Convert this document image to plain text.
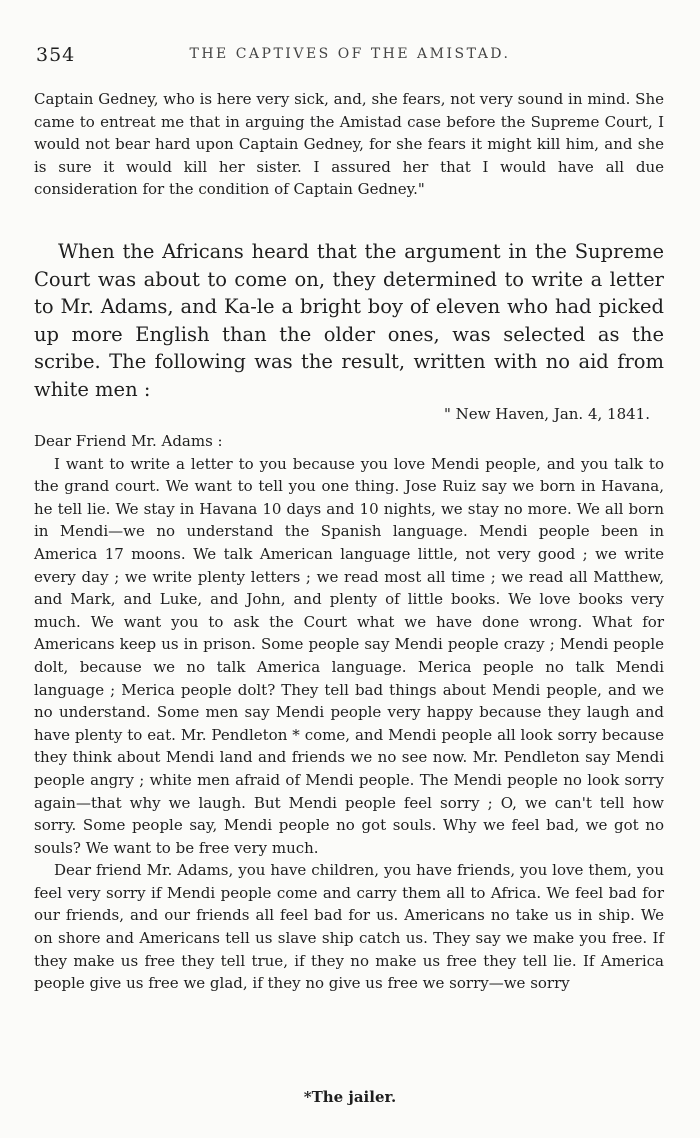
354	THE CAPTIVES OF THE AMISTAD.
Captain Gedney, who is here very sick, and, she fears, not very sound in mind. She came to entreat me that in arguing the Amistad case before the Supreme Court, I would not bear hard upon Captain Gedney, for she fears it might kill him, and she is sure it would kill her sister. I assured her that I would have all due consideration for the condition of Captain Gedney."
When the Africans heard that the argument in the Supreme Court was about to come on, they determined to write a letter to Mr. Adams, and Ka-le a bright boy of eleven who had picked up more English than the older ones, was selected as the scribe. The following was the result, written with no aid from white men :
" New Haven, Jan. 4, 1841.

Dear Friend Mr. Adams :

I want to write a letter to you because you love Mendi people, and you talk to the grand court. We want to tell you one thing. Jose Ruiz say we born in Havana, he tell lie. We stay in Havana 10 days and 10 nights, we stay no more. We all born in Mendi—we no understand the Spanish language. Mendi people been in America 17 moons. We talk American language little, not very good ; we write every day ; we write plenty letters ; we read most all time ; we read all Matthew, and Mark, and Luke, and John, and plenty of little books. We love books very much. We want you to ask the Court what we have done wrong. What for Americans keep us in prison. Some people say Mendi people crazy ; Mendi people dolt, because we no talk America language. Merica people no talk Mendi language ; Merica people dolt? They tell bad things about Mendi people, and we no understand. Some men say Mendi people very happy because they laugh and have plenty to eat. Mr. Pendleton * come, and Mendi people all look sorry because they think about Mendi land and friends we no see now. Mr. Pendleton say Mendi people angry ; white men afraid of Mendi people. The Mendi people no look sorry again—that why we laugh. But Mendi people feel sorry ; O, we can't tell how sorry. Some people say, Mendi people no got souls. Why we feel bad, we got no souls? We want to be free very much.

Dear friend Mr. Adams, you have children, you have friends, you love them, you feel very sorry if Mendi people come and carry them all to Africa. We feel bad for our friends, and our friends all feel bad for us. Americans no take us in ship. We on shore and Americans tell us slave ship catch us. They say we make you free. If they make us free they tell true, if they no make us free they tell lie. If America people give us free we glad, if they no give us free we sorry—we sorry

*The jailer.
